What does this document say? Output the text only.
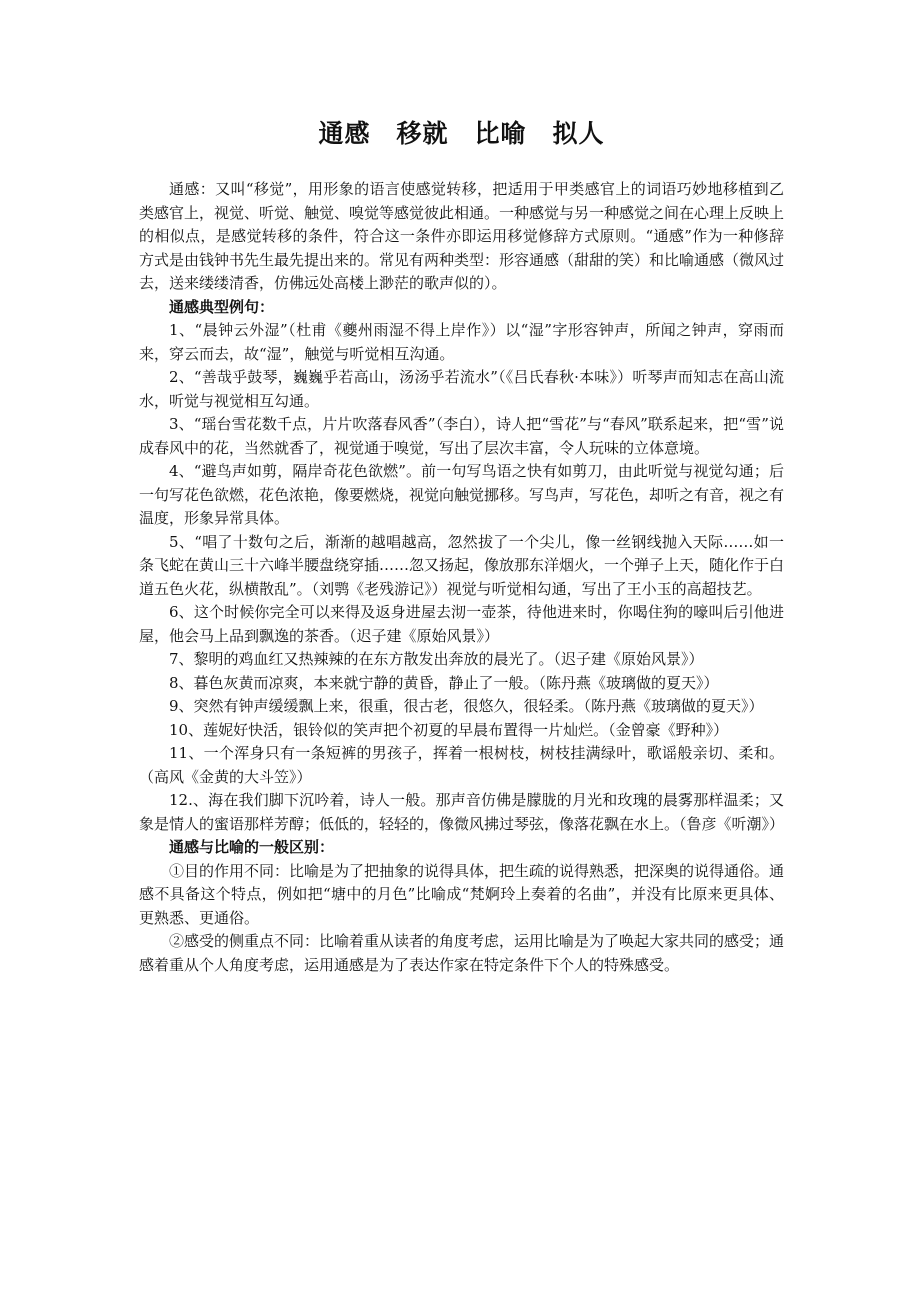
通感　移就　比喻　拟人

通感：又叫“移觉”，用形象的语言使感觉转移，把适用于甲类感官上的词语巧妙地移植到乙类感官上，视觉、听觉、触觉、嗅觉等感觉彼此相通。一种感觉与另一种感觉之间在心理上反映上的相似点，是感觉转移的条件，符合这一条件亦即运用移觉修辞方式原则。“通感”作为一种修辞方式是由钱钟书先生最先提出来的。常见有两种类型：形容通感（甜甜的笑）和比喻通感（微风过去，送来缕缕清香，仿佛远处高楼上渺茫的歌声似的）。

通感典型例句：

1、“晨钟云外湿”（杜甫《夔州雨湿不得上岸作》）以“湿”字形容钟声，所闻之钟声，穿雨而来，穿云而去，故“湿”，触觉与听觉相互沟通。

2、“善哉乎鼓琴，巍巍乎若高山，汤汤乎若流水”（《吕氏春秋·本味》）听琴声而知志在高山流水，听觉与视觉相互勾通。

3、“瑶台雪花数千点，片片吹落春风香”（李白），诗人把“雪花”与“春风”联系起来，把“雪”说成春风中的花，当然就香了，视觉通于嗅觉，写出了层次丰富，令人玩味的立体意境。

4、“避鸟声如剪，隔岸奇花色欲燃”。前一句写鸟语之快有如剪刀，由此听觉与视觉勾通；后一句写花色欲燃，花色浓艳，像要燃烧，视觉向触觉挪移。写鸟声，写花色，却听之有音，视之有温度，形象异常具体。

5、“唱了十数句之后，渐渐的越唱越高，忽然拔了一个尖儿，像一丝钢线抛入天际……如一条飞蛇在黄山三十六峰半腰盘绕穿插……忽又扬起，像放那东洋烟火，一个弹子上天，随化作于白道五色火花，纵横散乱”。（刘鹗《老残游记》）视觉与听觉相勾通，写出了王小玉的高超技艺。

6、这个时候你完全可以来得及返身进屋去沏一壶茶，待他进来时，你喝住狗的嚎叫后引他进屋，他会马上品到飘逸的茶香。（迟子建《原始风景》）

7、黎明的鸡血红又热辣辣的在东方散发出奔放的晨光了。（迟子建《原始风景》）

8、暮色灰黄而凉爽，本来就宁静的黄昏，静止了一般。（陈丹燕《玻璃做的夏天》）

9、突然有钟声缓缓飘上来，很重，很古老，很悠久，很轻柔。（陈丹燕《玻璃做的夏天》）

10、莲妮好快活，银铃似的笑声把个初夏的早晨布置得一片灿烂。（金曾豪《野种》）

11、一个浑身只有一条短裤的男孩子，挥着一根树枝，树枝挂满绿叶，歌谣般亲切、柔和。（高风《金黄的大斗笠》）

12.、海在我们脚下沉吟着，诗人一般。那声音仿佛是朦胧的月光和玫瑰的晨雾那样温柔；又象是情人的蜜语那样芳醇；低低的，轻轻的，像微风拂过琴弦，像落花飘在水上。（鲁彦《听潮》）

通感与比喻的一般区别：

①目的作用不同：比喻是为了把抽象的说得具体，把生疏的说得熟悉，把深奥的说得通俗。通感不具备这个特点，例如把“塘中的月色”比喻成“梵婀玲上奏着的名曲”，并没有比原来更具体、更熟悉、更通俗。

②感受的侧重点不同：比喻着重从读者的角度考虑，运用比喻是为了唤起大家共同的感受；通感着重从个人角度考虑，运用通感是为了表达作家在特定条件下个人的特殊感受。
